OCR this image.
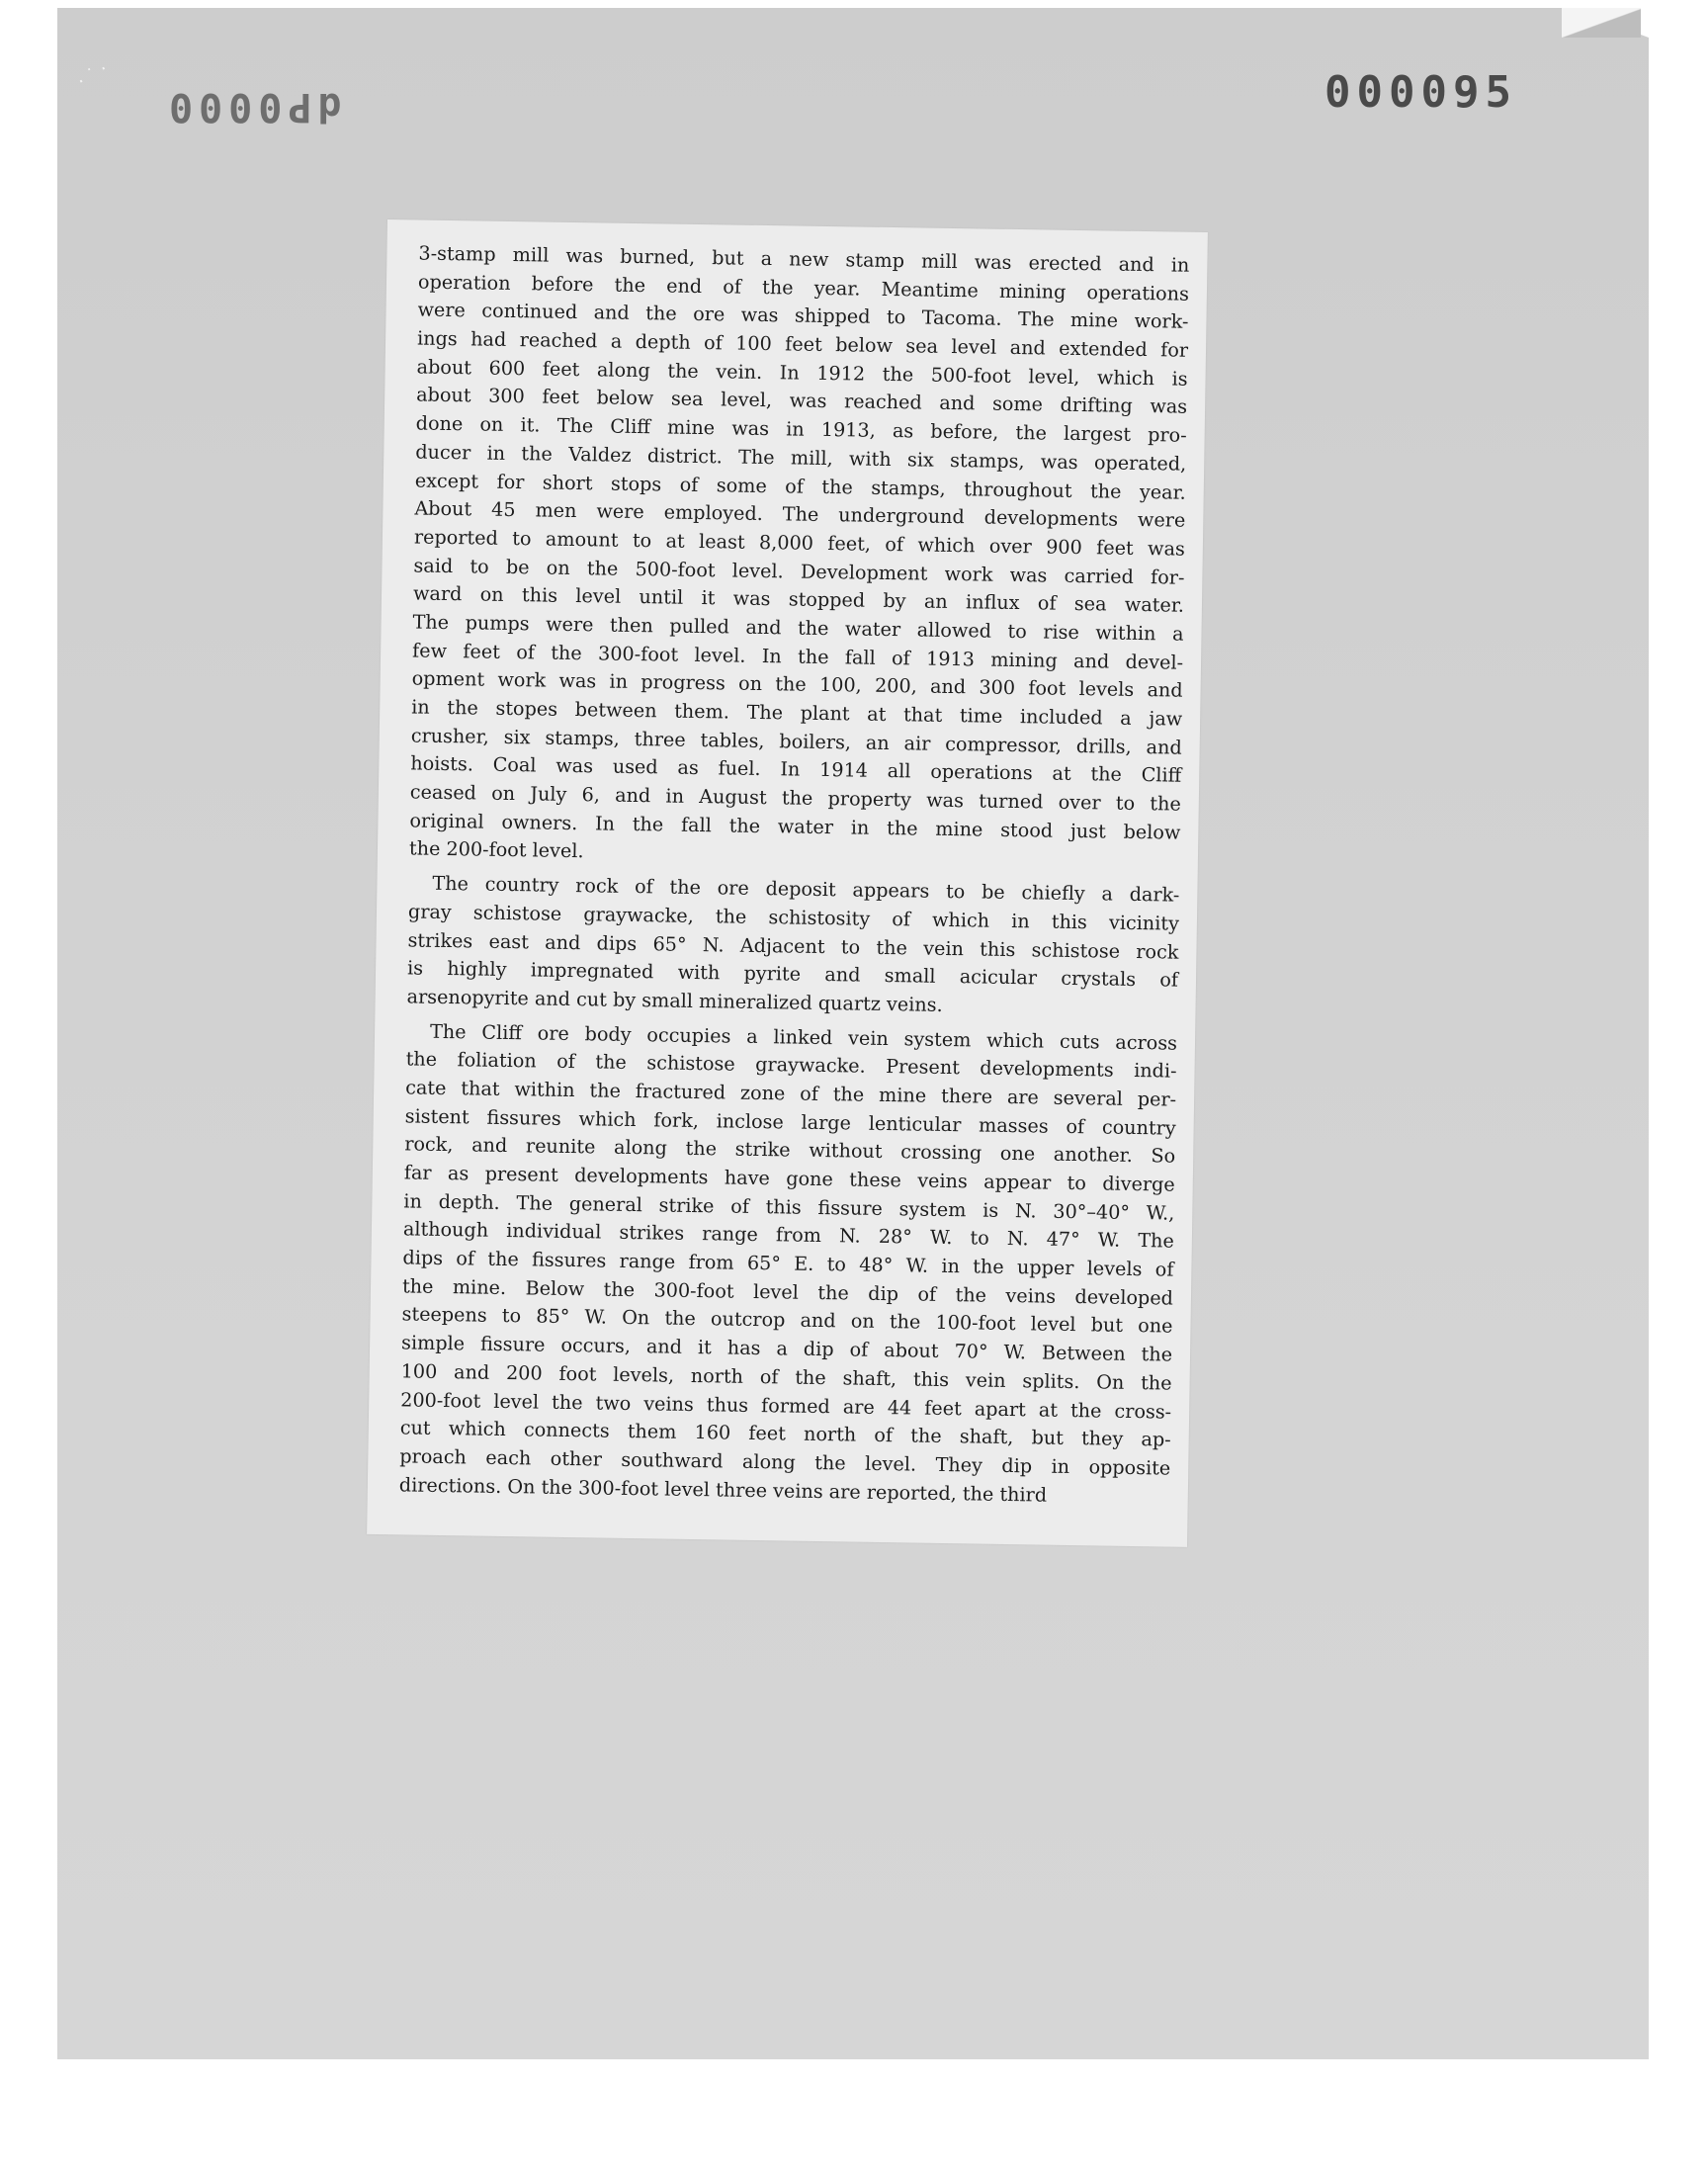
· ˙ ·
dP0000	000095
3-stamp mill was burned, but a new stamp mill was erected and in
operation before the end of the year. Meantime mining operations
were continued and the ore was shipped to Tacoma. The mine work-
ings had reached a depth of 100 feet below sea level and extended for
about 600 feet along the vein. In 1912 the 500-foot level, which is
about 300 feet below sea level, was reached and some drifting was
done on it. The Cliff mine was in 1913, as before, the largest pro-
ducer in the Valdez district. The mill, with six stamps, was operated,
except for short stops of some of the stamps, throughout the year.
About 45 men were employed. The underground developments were
reported to amount to at least 8,000 feet, of which over 900 feet was
said to be on the 500-foot level. Development work was carried for-
ward on this level until it was stopped by an influx of sea water.
The pumps were then pulled and the water allowed to rise within a
few feet of the 300-foot level. In the fall of 1913 mining and devel-
opment work was in progress on the 100, 200, and 300 foot levels and
in the stopes between them. The plant at that time included a jaw
crusher, six stamps, three tables, boilers, an air compressor, drills, and
hoists. Coal was used as fuel. In 1914 all operations at the Cliff
ceased on July 6, and in August the property was turned over to the
original owners. In the fall the water in the mine stood just below
the 200-foot level.
The country rock of the ore deposit appears to be chiefly a dark-
gray schistose graywacke, the schistosity of which in this vicinity
strikes east and dips 65° N. Adjacent to the vein this schistose rock
is highly impregnated with pyrite and small acicular crystals of
arsenopyrite and cut by small mineralized quartz veins.
The Cliff ore body occupies a linked vein system which cuts across
the foliation of the schistose graywacke. Present developments indi-
cate that within the fractured zone of the mine there are several per-
sistent fissures which fork, inclose large lenticular masses of country
rock, and reunite along the strike without crossing one another. So
far as present developments have gone these veins appear to diverge
in depth. The general strike of this fissure system is N. 30°–40° W.,
although individual strikes range from N. 28° W. to N. 47° W. The
dips of the fissures range from 65° E. to 48° W. in the upper levels of
the mine. Below the 300-foot level the dip of the veins developed
steepens to 85° W. On the outcrop and on the 100-foot level but one
simple fissure occurs, and it has a dip of about 70° W. Between the
100 and 200 foot levels, north of the shaft, this vein splits. On the
200-foot level the two veins thus formed are 44 feet apart at the cross-
cut which connects them 160 feet north of the shaft, but they ap-
proach each other southward along the level. They dip in opposite
directions. On the 300-foot level three veins are reported, the third
